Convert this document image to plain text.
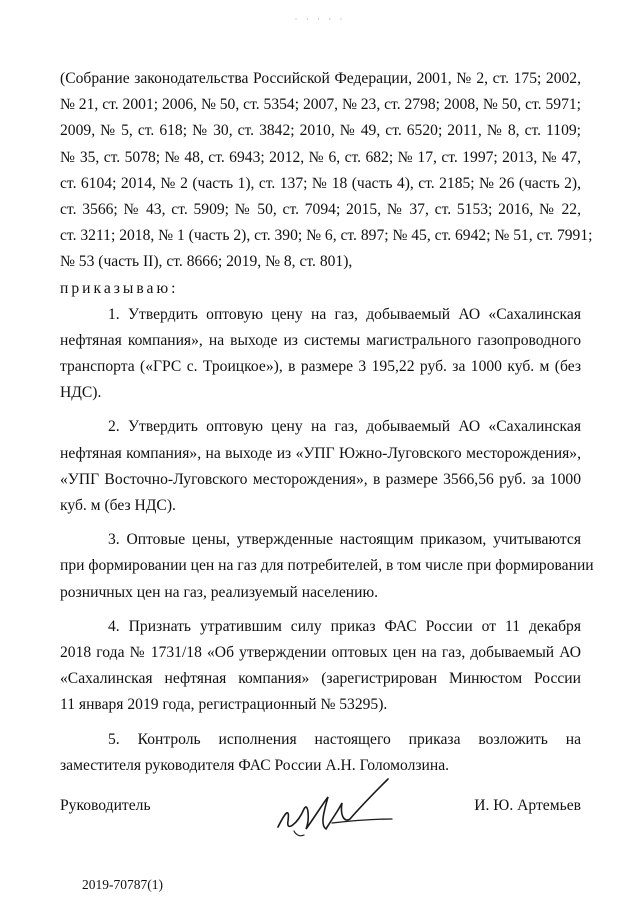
· · · · ·
(Собрание законодательства Российской Федерации, 2001, № 2, ст. 175; 2002,
№ 21, ст. 2001; 2006, № 50, ст. 5354; 2007, № 23, ст. 2798; 2008, № 50, ст. 5971;
2009, № 5, ст. 618; № 30, ст. 3842; 2010, № 49, ст. 6520; 2011, № 8, ст. 1109;
№ 35, ст. 5078; № 48, ст. 6943; 2012, № 6, ст. 682; № 17, ст. 1997; 2013, № 47,
ст. 6104; 2014, № 2 (часть 1), ст. 137; № 18 (часть 4), ст. 2185; № 26 (часть 2),
ст. 3566; № 43, ст. 5909; № 50, ст. 7094; 2015, № 37, ст. 5153; 2016, № 22,
ст. 3211; 2018, № 1 (часть 2), ст. 390; № 6, ст. 897; № 45, ст. 6942; № 51, ст. 7991;
№ 53 (часть II), ст. 8666; 2019, № 8, ст. 801),
приказываю:
1. Утвердить оптовую цену на газ, добываемый АО «Сахалинская
нефтяная компания», на выходе из системы магистрального газопроводного
транспорта («ГРС с. Троицкое»), в размере 3 195,22 руб. за 1000 куб. м (без
НДС).
2. Утвердить оптовую цену на газ, добываемый АО «Сахалинская
нефтяная компания», на выходе из «УПГ Южно-Луговского месторождения»,
«УПГ Восточно-Луговского месторождения», в размере 3566,56 руб. за 1000
куб. м (без НДС).
3. Оптовые цены, утвержденные настоящим приказом, учитываются
при формировании цен на газ для потребителей, в том числе при формировании
розничных цен на газ, реализуемый населению.
4. Признать утратившим силу приказ ФАС России от 11 декабря
2018 года № 1731/18 «Об утверждении оптовых цен на газ, добываемый АО
«Сахалинская нефтяная компания» (зарегистрирован Минюстом России
11 января 2019 года, регистрационный № 53295).
5. Контроль исполнения настоящего приказа возложить на
заместителя руководителя ФАС России А.Н. Голомолзина.
Руководитель	И. Ю. Артемьев
2019-70787(1)
